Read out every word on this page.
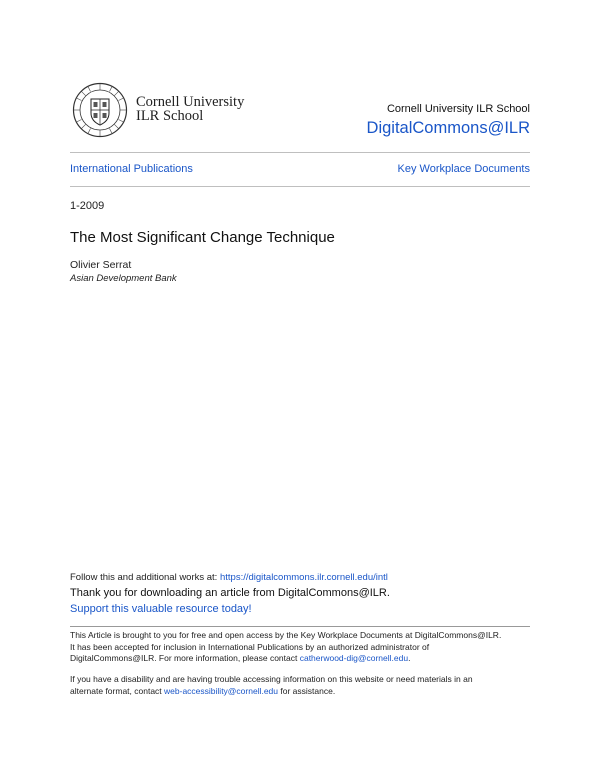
Cornell University
ILR School	Cornell University ILR School
DigitalCommons@ILR
International Publications	Key Workplace Documents
1-2009
The Most Significant Change Technique
Olivier Serrat
Asian Development Bank
Follow this and additional works at: https://digitalcommons.ilr.cornell.edu/intl
Thank you for downloading an article from DigitalCommons@ILR.
Support this valuable resource today!
This Article is brought to you for free and open access by the Key Workplace Documents at DigitalCommons@ILR.
It has been accepted for inclusion in International Publications by an authorized administrator of
DigitalCommons@ILR. For more information, please contact catherwood-dig@cornell.edu.
If you have a disability and are having trouble accessing information on this website or need materials in an
alternate format, contact web-accessibility@cornell.edu for assistance.
